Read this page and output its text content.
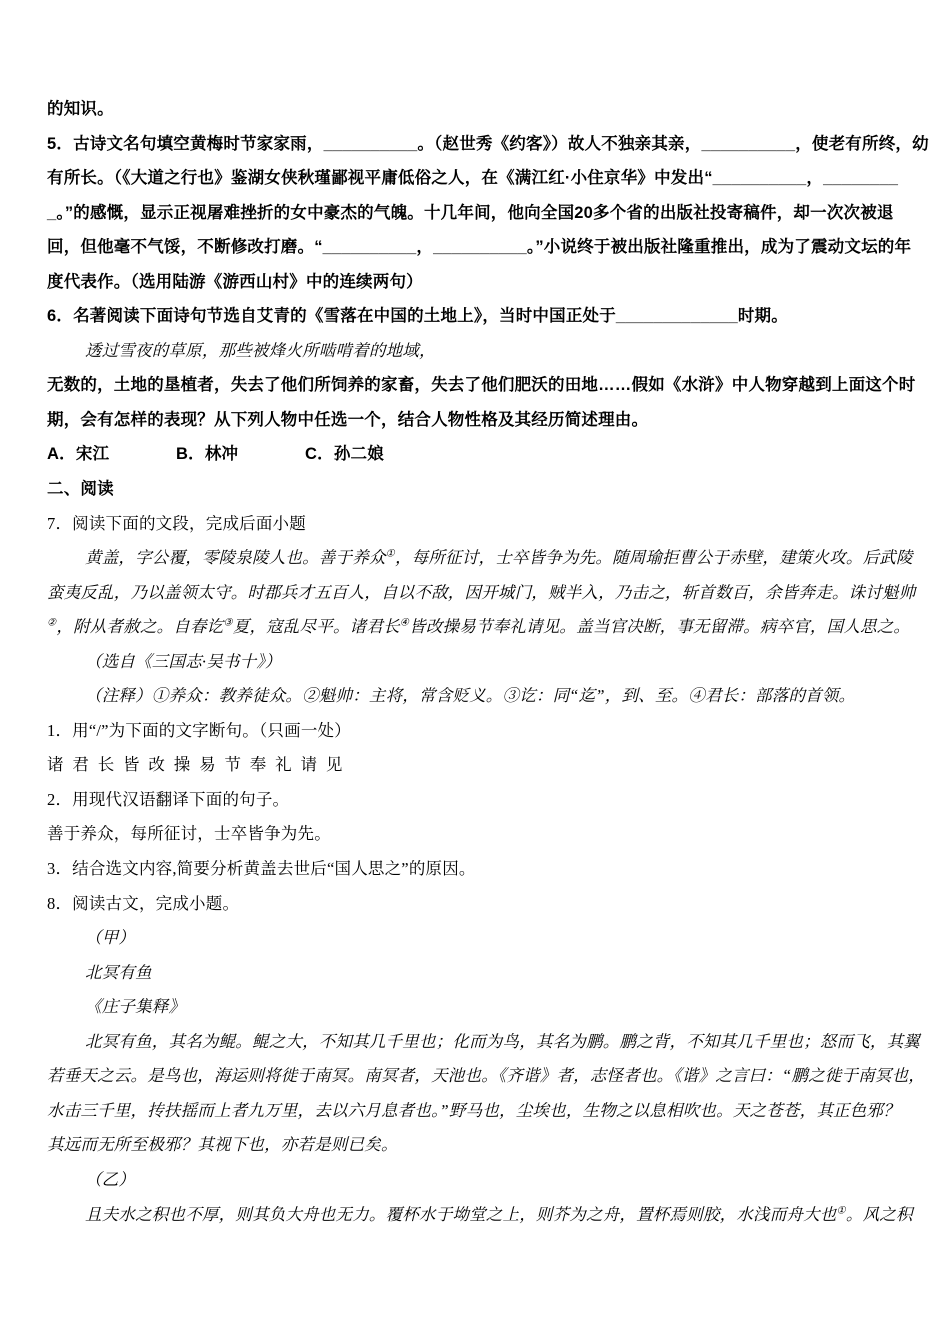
的知识。
5．古诗文名句填空黄梅时节家家雨，__________。（赵世秀《约客》）故人不独亲其亲，__________，使老有所终，幼
有所长。（《大道之行也》鉴湖女侠秋瑾鄙视平庸低俗之人，在《满江红·小住京华》中发出“__________，________
_。”的感慨，显示正视屠难挫折的女中豪杰的气魄。十几年间，他向全国20多个省的出版社投寄稿件，却一次次被退
回，但他毫不气馁，不断修改打磨。“__________，__________。”小说终于被出版社隆重推出，成为了震动文坛的年
度代表作。（选用陆游《游西山村》中的连续两句）
6．名著阅读下面诗句节选自艾青的《雪落在中国的土地上》，当时中国正处于_____________时期。
透过雪夜的草原，那些被烽火所啮啃着的地域，
无数的，土地的垦植者，失去了他们所饲养的家畜，失去了他们肥沃的田地……假如《水浒》中人物穿越到上面这个时
期，会有怎样的表现？从下列人物中任选一个，结合人物性格及其经历简述理由。
A．宋江　　　　B．林冲　　　　C．孙二娘
二、阅读
7．阅读下面的文段，完成后面小题
黄盖，字公覆，零陵泉陵人也。善于养众①，每所征讨，士卒皆争为先。随周瑜拒曹公于赤壁，建策火攻。后武陵
蛮夷反乱，乃以盖领太守。时郡兵才五百人，自以不敌，因开城门，贼半入，乃击之，斩首数百，余皆奔走。诛讨魁帅
②，附从者赦之。自春讫③夏，寇乱尽平。诸君长④皆改操易节奉礼请见。盖当官决断，事无留滞。病卒官，国人思之。
（选自《三国志·吴书十》）
（注释）①养众：教养徒众。②魁帅：主将，常含贬义。③讫：同“迄”，到、至。④君长：部落的首领。
1．用“/”为下面的文字断句。（只画一处）
诸  君  长  皆  改  操  易  节  奉  礼  请  见
2．用现代汉语翻译下面的句子。
善于养众，每所征讨，士卒皆争为先。
3．结合选文内容,简要分析黄盖去世后“国人思之”的原因。
8．阅读古文，完成小题。
（甲）
北冥有鱼
《庄子集释》
北冥有鱼，其名为鲲。鲲之大，不知其几千里也；化而为鸟，其名为鹏。鹏之背，不知其几千里也；怒而飞，其翼
若垂天之云。是鸟也，海运则将徙于南冥。南冥者，天池也。《齐谐》者，志怪者也。《谐》之言曰：“鹏之徙于南冥也，
水击三千里，抟扶摇而上者九万里，去以六月息者也。”野马也，尘埃也，生物之以息相吹也。天之苍苍，其正色邪？
其远而无所至极邪？其视下也，亦若是则已矣。
（乙）
且夫水之积也不厚，则其负大舟也无力。覆杯水于坳堂之上，则芥为之舟，置杯焉则胶，水浅而舟大也①。风之积
